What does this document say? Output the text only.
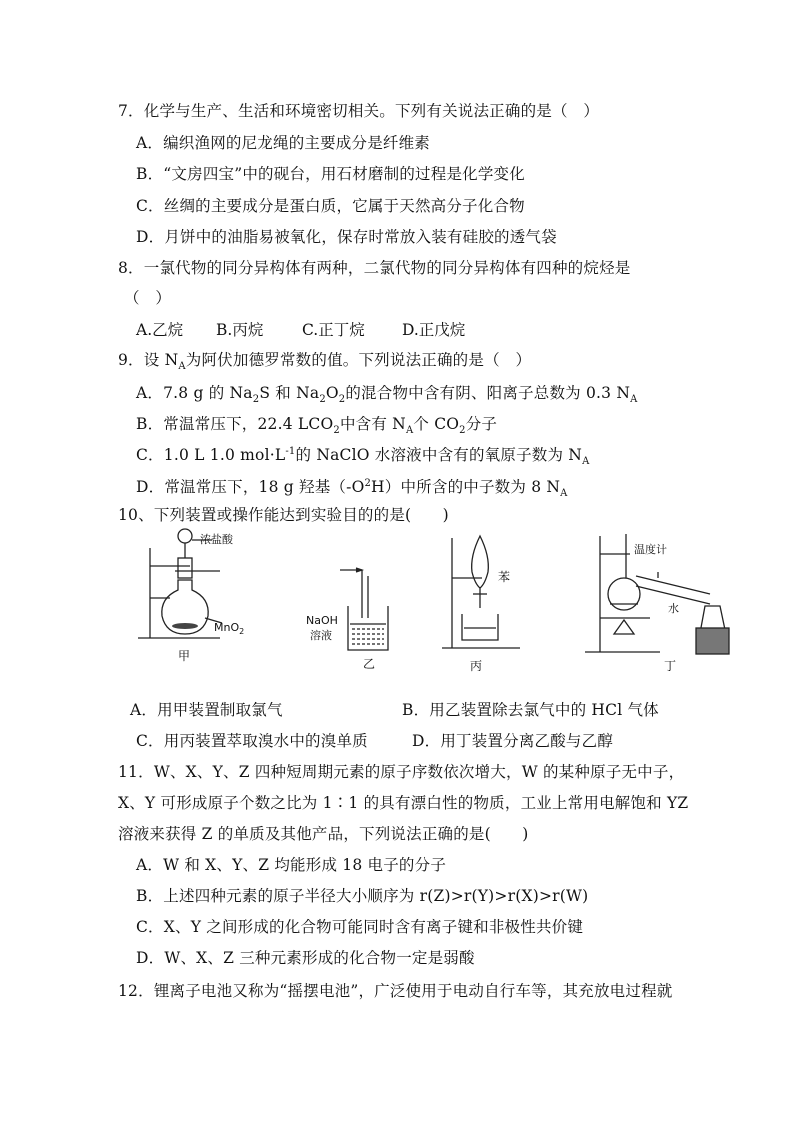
7．化学与生产、生活和环境密切相关。下列有关说法正确的是（　）
A．编织渔网的尼龙绳的主要成分是纤维素
B．“文房四宝”中的砚台，用石材磨制的过程是化学变化
C．丝绸的主要成分是蛋白质，它属于天然高分子化合物
D．月饼中的油脂易被氧化，保存时常放入装有硅胶的透气袋
8．一氯代物的同分异构体有两种，二氯代物的同分异构体有四种的烷烃是
（　）
A.乙烷 B.丙烷 C.正丁烷 D.正戊烷
9．设 $N_A$为阿伏加德罗常数的值。下列说法正确的是（　）
A．7.8 g 的 $Na_2S$ 和 $Na_2O_2$的混合物中含有阴、阳离子总数为 0.3 $N_A$
B．常温常压下，22.4 $LCO_2$中含有 $N_A$个 $CO_2$分子
C．1.0 L 1.0 $mol\cdot L^{-1}$的 NaClO 水溶液中含有的氧原子数为 $N_A$
D．常温常压下，18 g 羟基$(-O^2H)$中所含的中子数为 8 $N_A$
10、下列装置或操作能达到实验目的的是(　　)
浓盐酸
MnO$_2$
甲
NaOH
溶液
乙
苯
丙
温度计
水
丁
A．用甲装置制取氯气	B．用乙装置除去氯气中的 HCl 气体
C．用丙装置萃取溴水中的溴单质	D．用丁装置分离乙酸与乙醇
11．W、X、Y、Z 四种短周期元素的原子序数依次增大，W 的某种原子无中子，
X、Y 可形成原子个数之比为 1∶1 的具有漂白性的物质，工业上常用电解饱和 YZ
溶液来获得 Z 的单质及其他产品，下列说法正确的是(　　)
A．W 和 X、Y、Z 均能形成 18 电子的分子
B．上述四种元素的原子半径大小顺序为 r(Z)>r(Y)>r(X)>r(W)
C．X、Y 之间形成的化合物可能同时含有离子键和非极性共价键
D．W、X、Z 三种元素形成的化合物一定是弱酸
12．锂离子电池又称为“摇摆电池”，广泛使用于电动自行车等，其充放电过程就
